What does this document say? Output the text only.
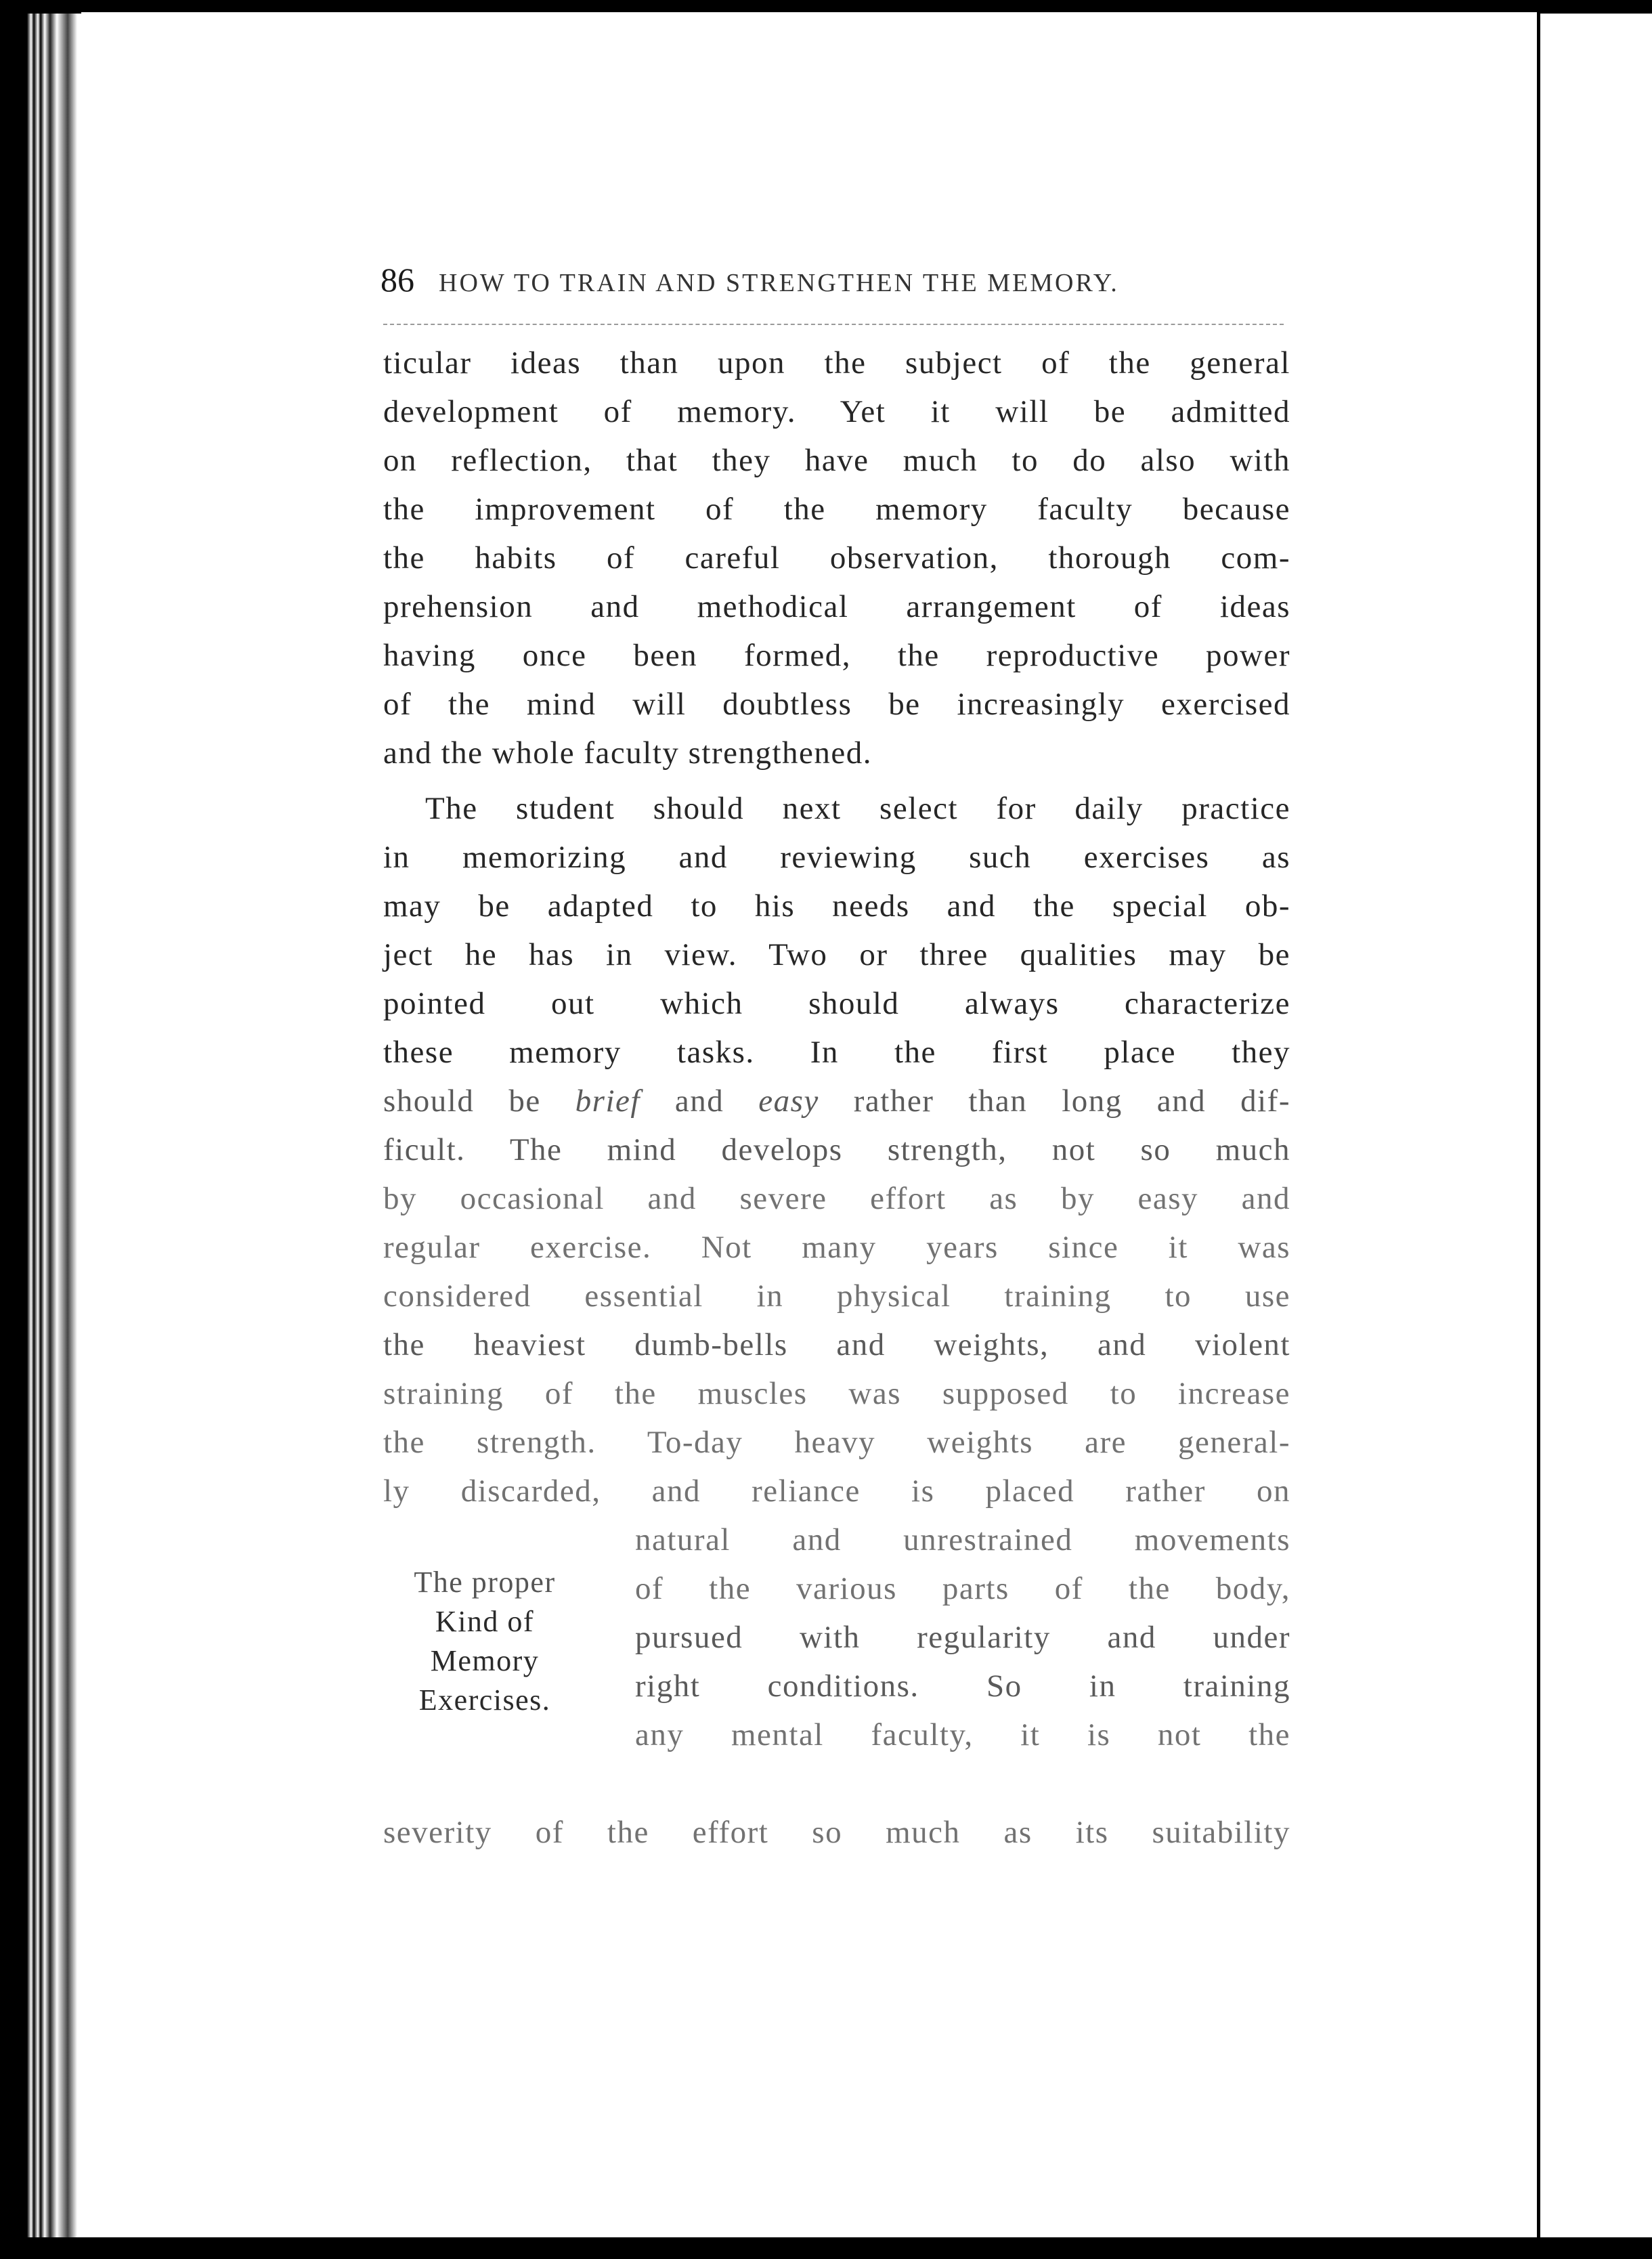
86 HOW TO TRAIN AND STRENGTHEN THE MEMORY.
ticular ideas than upon the subject of the general
development of memory. Yet it will be admitted
on reflection, that they have much to do also with
the improvement of the memory faculty because
the habits of careful observation, thorough com-
prehension and methodical arrangement of ideas
having once been formed, the reproductive power
of the mind will doubtless be increasingly exercised
and the whole faculty strengthened.
The student should next select for daily practice
in memorizing and reviewing such exercises as
may be adapted to his needs and the special ob-
ject he has in view. Two or three qualities may be
pointed out which should always characterize
these memory tasks. In the first place they
should be brief and easy rather than long and dif-
ficult. The mind develops strength, not so much
by occasional and severe effort as by easy and
regular exercise. Not many years since it was
considered essential in physical training to use
the heaviest dumb-bells and weights, and violent
straining of the muscles was supposed to increase
the strength. To-day heavy weights are general-
ly discarded, and reliance is placed rather on
The proper
Kind of
Memory
Exercises.
natural and unrestrained movements
of the various parts of the body,
pursued with regularity and under
right conditions. So in training
any mental faculty, it is not the
severity of the effort so much as its suitability
